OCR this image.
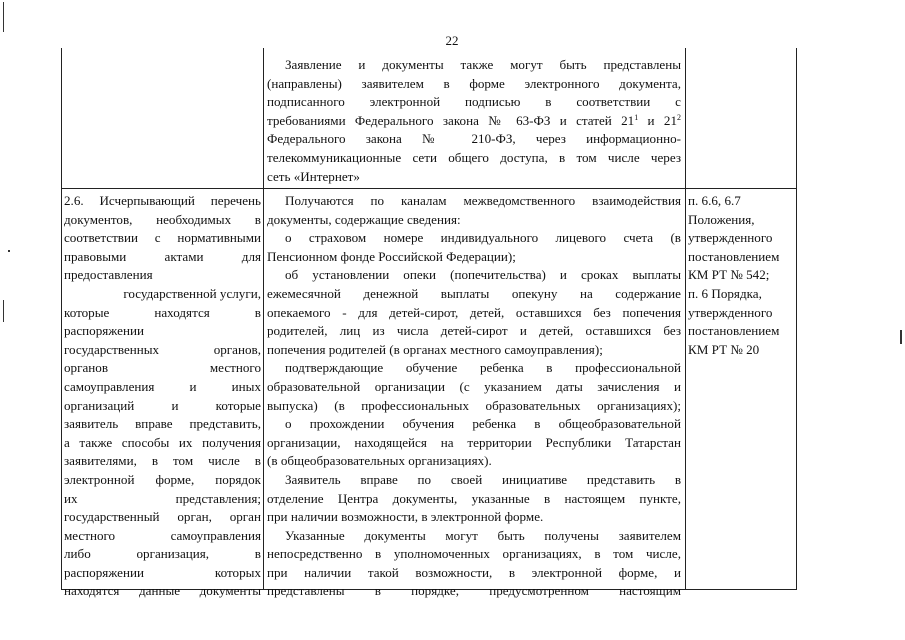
22
Заявление и документы также могут быть представлены
(направлены) заявителем в форме электронного документа,
подписанного электронной подписью в соответствии с
требованиями Федерального закона № 63-ФЗ и статей $21^1$ и $21^2$
Федерального закона № 210-ФЗ, через информационно-
телекоммуникационные сети общего доступа, в том числе через
сеть «Интернет»
2.6. Исчерпывающий перечень
документов, необходимых в
соответствии с нормативными
правовыми актами для
предоставления
государственной услуги,
которые находятся в
распоряжении
государственных органов,
органов местного
самоуправления и иных
организаций и которые
заявитель вправе представить,
а также способы их получения
заявителями, в том числе в
электронной форме, порядок
их представления;
государственный орган, орган
местного самоуправления
либо организация, в
распоряжении которых
находятся данные документы
Получаются по каналам межведомственного взаимодействия
документы, содержащие сведения:
о страховом номере индивидуального лицевого счета (в
Пенсионном фонде Российской Федерации);
об установлении опеки (попечительства) и сроках выплаты
ежемесячной денежной выплаты опекуну на содержание
опекаемого - для детей-сирот, детей, оставшихся без попечения
родителей, лиц из числа детей-сирот и детей, оставшихся без
попечения родителей (в органах местного самоуправления);
подтверждающие обучение ребенка в профессиональной
образовательной организации (с указанием даты зачисления и
выпуска) (в профессиональных образовательных организациях);
о прохождении обучения ребенка в общеобразовательной
организации, находящейся на территории Республики Татарстан
(в общеобразовательных организациях).
Заявитель вправе по своей инициативе представить в
отделение Центра документы, указанные в настоящем пункте,
при наличии возможности, в электронной форме.
Указанные документы могут быть получены заявителем
непосредственно в уполномоченных организациях, в том числе,
при наличии такой возможности, в электронной форме, и
представлены в порядке, предусмотренном настоящим
п. 6.6, 6.7
Положения,
утвержденного
постановлением
КМ РТ № 542;
п. 6 Порядка,
утвержденного
постановлением
КМ РТ № 20
